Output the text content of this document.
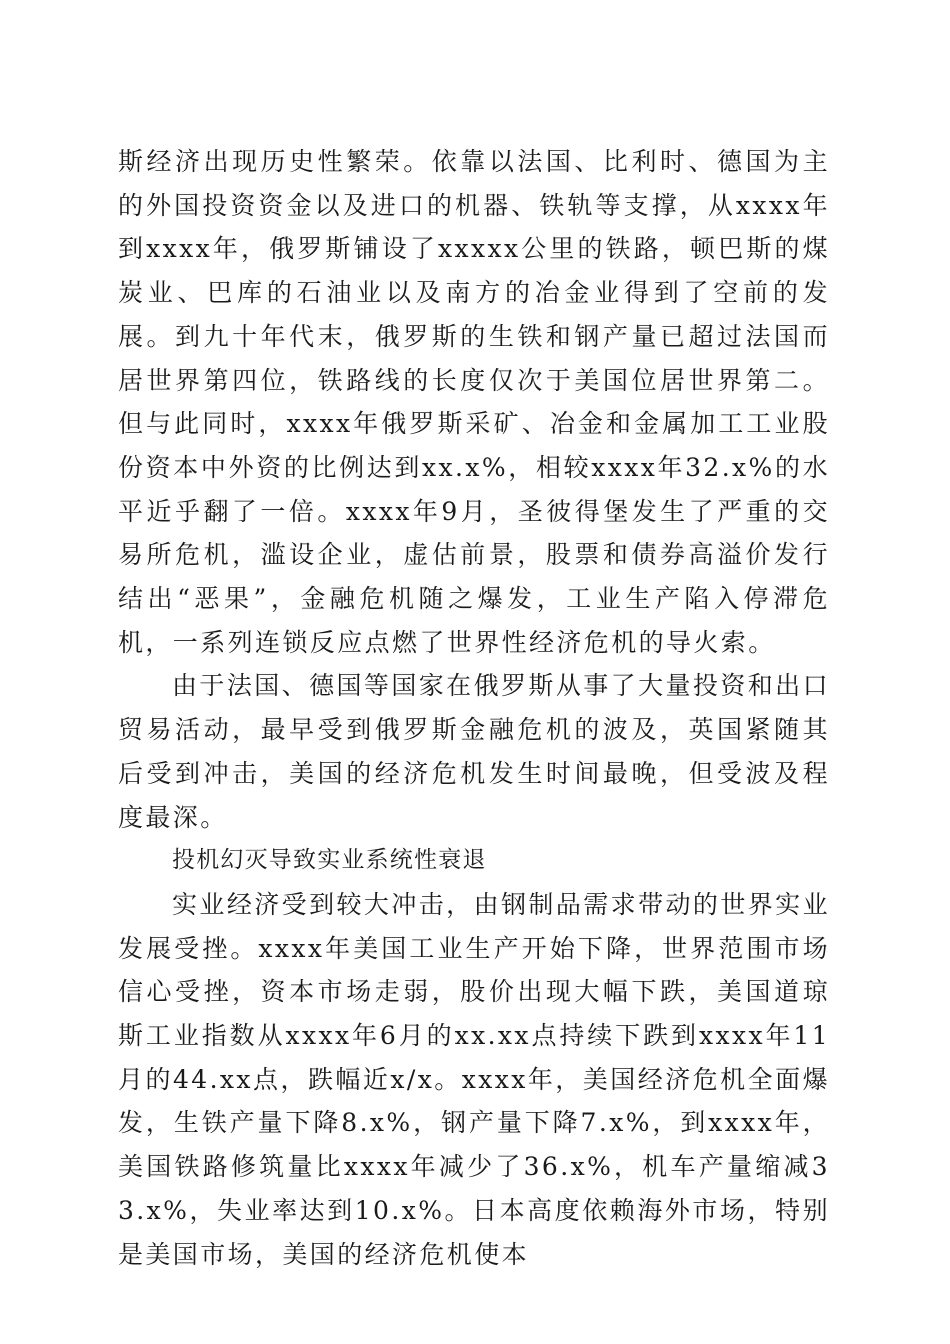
斯经济出现历史性繁荣。依靠以法国、比利时、德国为主的外国投资资金以及进口的机器、铁轨等支撑，从xxxx年到xxxx年，俄罗斯铺设了xxxxx公里的铁路，顿巴斯的煤炭业、巴库的石油业以及南方的冶金业得到了空前的发展。到九十年代末，俄罗斯的生铁和钢产量已超过法国而居世界第四位，铁路线的长度仅次于美国位居世界第二。但与此同时，xxxx年俄罗斯采矿、冶金和金属加工工业股份资本中外资的比例达到xx.x%，相较xxxx年32.x%的水平近乎翻了一倍。xxxx年9月，圣彼得堡发生了严重的交易所危机，滥设企业，虚估前景，股票和债券高溢价发行结出“恶果”，金融危机随之爆发，工业生产陷入停滞危机，一系列连锁反应点燃了世界性经济危机的导火索。

由于法国、德国等国家在俄罗斯从事了大量投资和出口贸易活动，最早受到俄罗斯金融危机的波及，英国紧随其后受到冲击，美国的经济危机发生时间最晚，但受波及程度最深。

投机幻灭导致实业系统性衰退

实业经济受到较大冲击，由钢制品需求带动的世界实业发展受挫。xxxx年美国工业生产开始下降，世界范围市场信心受挫，资本市场走弱，股价出现大幅下跌，美国道琼斯工业指数从xxxx年6月的xx.xx点持续下跌到xxxx年11月的44.xx点，跌幅近x/x。xxxx年，美国经济危机全面爆发，生铁产量下降8.x%，钢产量下降7.x%，到xxxx年，美国铁路修筑量比xxxx年减少了36.x%，机车产量缩减33.x%，失业率达到10.x%。日本高度依赖海外市场，特别是美国市场，美国的经济危机使本
